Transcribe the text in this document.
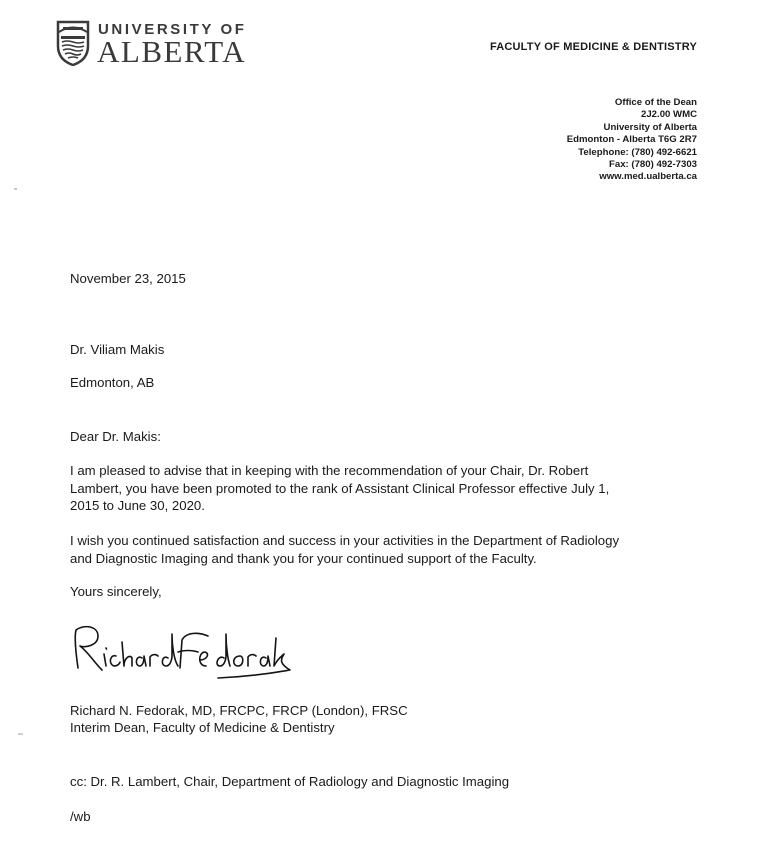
UNIVERSITY OF
ALBERTA	FACULTY OF MEDICINE & DENTISTRY
Office of the Dean
2J2.00 WMC
University of Alberta
Edmonton - Alberta T6G 2R7
Telephone: (780) 492-6621
Fax: (780) 492-7303
www.med.ualberta.ca
November 23, 2015
Dr. Viliam Makis
Edmonton, AB
Dear Dr. Makis:
I am pleased to advise that in keeping with the recommendation of your Chair, Dr. Robert
Lambert, you have been promoted to the rank of Assistant Clinical Professor effective July 1,
2015 to June 30, 2020.
I wish you continued satisfaction and success in your activities in the Department of Radiology
and Diagnostic Imaging and thank you for your continued support of the Faculty.
Yours sincerely,
Richard N. Fedorak, MD, FRCPC, FRCP (London), FRSC
Interim Dean, Faculty of Medicine & Dentistry
cc: Dr. R. Lambert, Chair, Department of Radiology and Diagnostic Imaging
/wb
